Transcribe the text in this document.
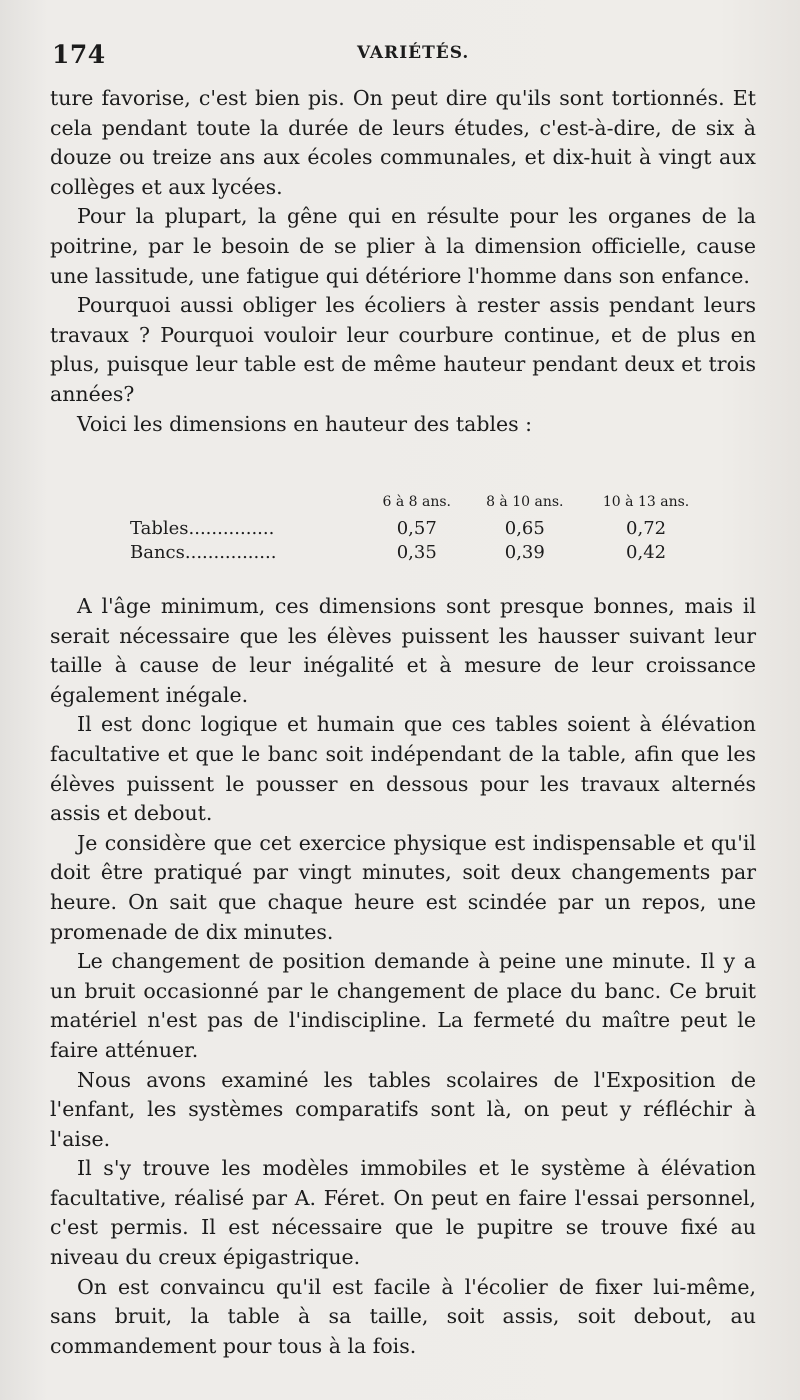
174	VARIÉTÉS.

ture favorise, c'est bien pis. On peut dire qu'ils sont tortionnés. Et cela pendant toute la durée de leurs études, c'est-à-dire, de six à douze ou treize ans aux écoles communales, et dix-huit à vingt aux collèges et aux lycées.

Pour la plupart, la gêne qui en résulte pour les organes de la poitrine, par le besoin de se plier à la dimension officielle, cause une lassitude, une fatigue qui détériore l'homme dans son enfance.

Pourquoi aussi obliger les écoliers à rester assis pendant leurs travaux ? Pourquoi vouloir leur courbure continue, et de plus en plus, puisque leur table est de même hauteur pendant deux et trois années?

Voici les dimensions en hauteur des tables :

	6 à 8 ans.	8 à 10 ans.	10 à 13 ans.
Tables...............	0,57	0,65	0,72
Bancs................	0,35	0,39	0,42

A l'âge minimum, ces dimensions sont presque bonnes, mais il serait nécessaire que les élèves puissent les hausser suivant leur taille à cause de leur inégalité et à mesure de leur croissance également inégale.

Il est donc logique et humain que ces tables soient à élévation facultative et que le banc soit indépendant de la table, afin que les élèves puissent le pousser en dessous pour les travaux alternés assis et debout.

Je considère que cet exercice physique est indispensable et qu'il doit être pratiqué par vingt minutes, soit deux changements par heure. On sait que chaque heure est scindée par un repos, une promenade de dix minutes.

Le changement de position demande à peine une minute. Il y a un bruit occasionné par le changement de place du banc. Ce bruit matériel n'est pas de l'indiscipline. La fermeté du maître peut le faire atténuer.

Nous avons examiné les tables scolaires de l'Exposition de l'enfant, les systèmes comparatifs sont là, on peut y réfléchir à l'aise.

Il s'y trouve les modèles immobiles et le système à élévation facultative, réalisé par A. Féret. On peut en faire l'essai personnel, c'est permis. Il est nécessaire que le pupitre se trouve fixé au niveau du creux épigastrique.

On est convaincu qu'il est facile à l'écolier de fixer lui-même, sans bruit, la table à sa taille, soit assis, soit debout, au commandement pour tous à la fois.
